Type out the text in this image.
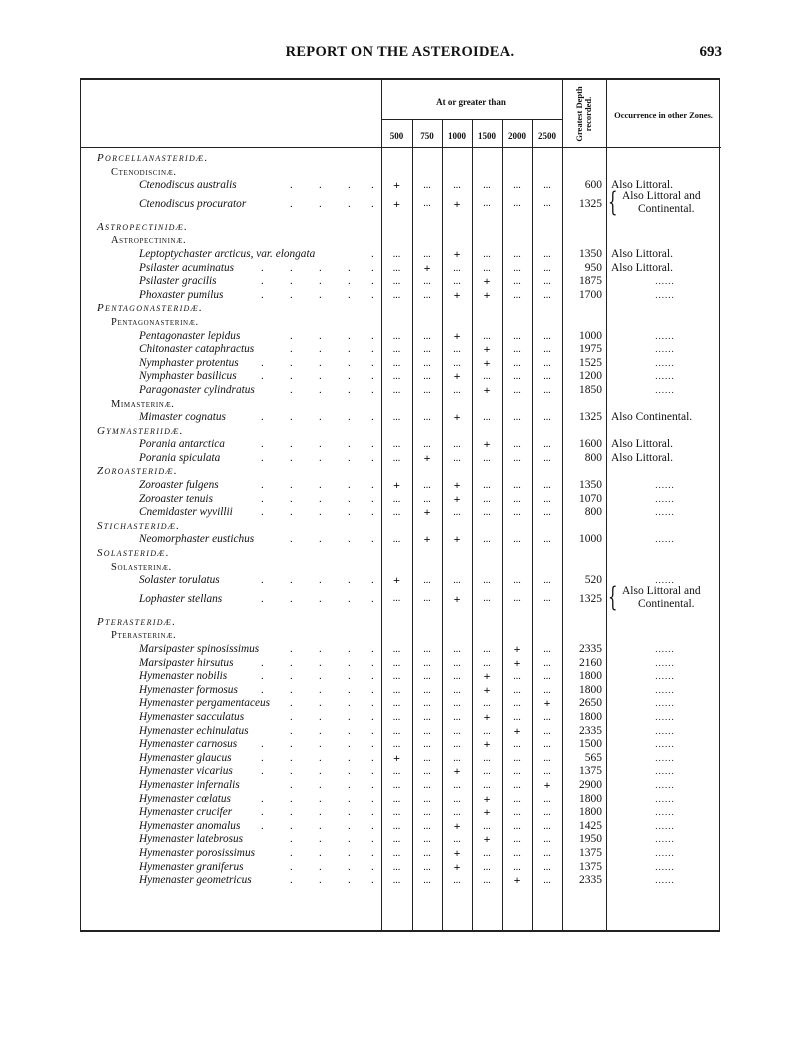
REPORT ON THE ASTEROIDEA.	693
At or greater than
500	750	1000	1500	2000	2500	Greatest Depth recorded.	Occurrence in other Zones.
Porcellanasteridæ.
Ctenodiscinæ.
Ctenodiscus australis	. . . .	+	...	...	...	...	...	600 Also Littoral.
Ctenodiscus procurator	. . . .	+	...	+	...	...	...	1325 { Also Littoral and
Continental.
Astropectinidæ.
Astropectininæ.
Leptoptychaster arcticus, var. elongata	.	...	...	+	...	...	...	1350 Also Littoral.
Psilaster acuminatus	. . . . .	...	+	...	...	...	...	950 Also Littoral.
Psilaster gracilis	. . . . .	...	...	...	+	...	...	1875	......
Phoxaster pumilus	. . . . .	...	...	+	+	...	...	1700	......
Pentagonasteridæ.
Pentagonasterinæ.
Pentagonaster lepidus	. . . .	...	...	+	...	...	...	1000	......
Chitonaster cataphractus	. . . .	...	...	...	+	...	...	1975	......
Nymphaster protentus	. . . . .	...	...	...	+	...	...	1525	......
Nymphaster basilicus	. . . . .	...	...	+	...	...	...	1200	......
Paragonaster cylindratus	. . . .	...	...	...	+	...	...	1850	......
Mimasterinæ.
Mimaster cognatus	. . . . .	...	...	+	...	...	...	1325 Also Continental.
Gymnasteriidæ.
Porania antarctica	. . . . .	...	...	...	+	...	...	1600 Also Littoral.
Porania spiculata	. . . . .	...	+	...	...	...	...	800 Also Littoral.
Zoroasteridæ.
Zoroaster fulgens	. . . . .	+	...	+	...	...	...	1350	......
Zoroaster tenuis	. . . . .	...	...	+	...	...	...	1070	......
Cnemidaster wyvillii	. . . . .	...	+	...	...	...	...	800	......
Stichasteridæ.
Neomorphaster eustichus	. . . .	...	+	+	...	...	...	1000	......
Solasteridæ.
Solasterinæ.
Solaster torulatus	. . . . .	+	...	...	...	...	...	520	......
Lophaster stellans	. . . . .	...	...	+	...	...	...	1325 { Also Littoral and
Continental.
Pterasteridæ.
Pterasterinæ.
Marsipaster spinosissimus	. . . .	...	...	...	...	+	...	2335	......
Marsipaster hirsutus	. . . . .	...	...	...	...	+	...	2160	......
Hymenaster nobilis	. . . . .	...	...	...	+	...	...	1800	......
Hymenaster formosus	. . . . .	...	...	...	+	...	...	1800	......
Hymenaster pergamentaceus	. . . .	...	...	...	...	...	+	2650	......
Hymenaster sacculatus	. . . .	...	...	...	+	...	...	1800	......
Hymenaster echinulatus	. . . .	...	...	...	...	+	...	2335	......
Hymenaster carnosus	. . . . .	...	...	...	+	...	...	1500	......
Hymenaster glaucus	. . . . .	+	...	...	...	...	...	565	......
Hymenaster vicarius	. . . . .	...	...	+	...	...	...	1375	......
Hymenaster infernalis	. . . .	...	...	...	...	...	+	2900	......
Hymenaster cœlatus	. . . . .	...	...	...	+	...	...	1800	......
Hymenaster crucifer	. . . . .	...	...	...	+	...	...	1800	......
Hymenaster anomalus	. . . . .	...	...	+	...	...	...	1425	......
Hymenaster latebrosus	. . . .	...	...	...	+	...	...	1950	......
Hymenaster porosissimus	. . . .	...	...	+	...	...	...	1375	......
Hymenaster graniferus	. . . .	...	...	+	...	...	...	1375	......
Hymenaster geometricus	. . . .	...	...	...	...	+	...	2335	......
